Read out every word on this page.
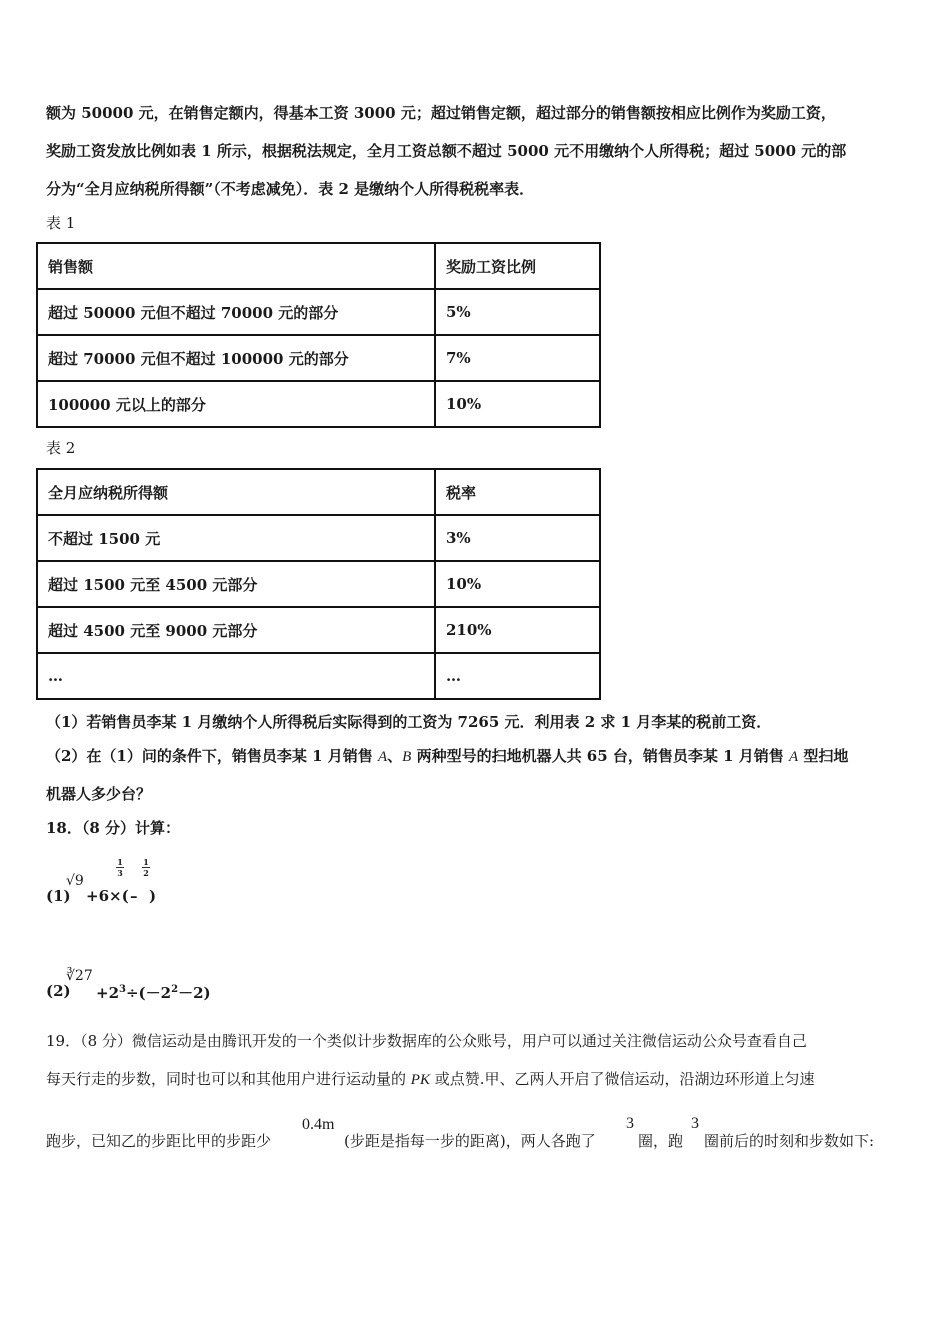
额为 50000 元，在销售定额内，得基本工资 3000 元；超过销售定额，超过部分的销售额按相应比例作为奖励工资，
奖励工资发放比例如表 1 所示，根据税法规定，全月工资总额不超过 5000 元不用缴纳个人所得税；超过 5000 元的部
分为“全月应纳税所得额”（不考虑减免）．表 2 是缴纳个人所得税税率表．
表 1
销售额	奖励工资比例
超过 50000 元但不超过 70000 元的部分	5%
超过 70000 元但不超过 100000 元的部分	7%
100000 元以上的部分	10%
表 2
全月应纳税所得额	税率
不超过 1500 元	3%
超过 1500 元至 4500 元部分	10%
超过 4500 元至 9000 元部分	210%
…	…
（1）若销售员李某 1 月缴纳个人所得税后实际得到的工资为 7265 元．利用表 2 求 1 月李某的税前工资．
（2）在（1）问的条件下，销售员李某 1 月销售 A、B 两种型号的扫地机器人共 65 台，销售员李某 1 月销售 A 型扫地
机器人多少台？
18．（8 分）计算：
(1)
√9
+6×(
1
3
–
1
2
)
(2)
∛27
$+2^3\div(-2^2-2)$
19．（8 分）微信运动是由腾讯开发的一个类似计步数据库的公众账号，用户可以通过关注微信运动公众号查看自己
每天行走的步数，同时也可以和其他用户进行运动量的 PK 或点赞.甲、乙两人开启了微信运动，沿湖边环形道上匀速
跑步，已知乙的步距比甲的步距少
0.4m
(步距是指每一步的距离)，两人各跑了
3
圈，跑
3
圈前后的时刻和步数如下:
